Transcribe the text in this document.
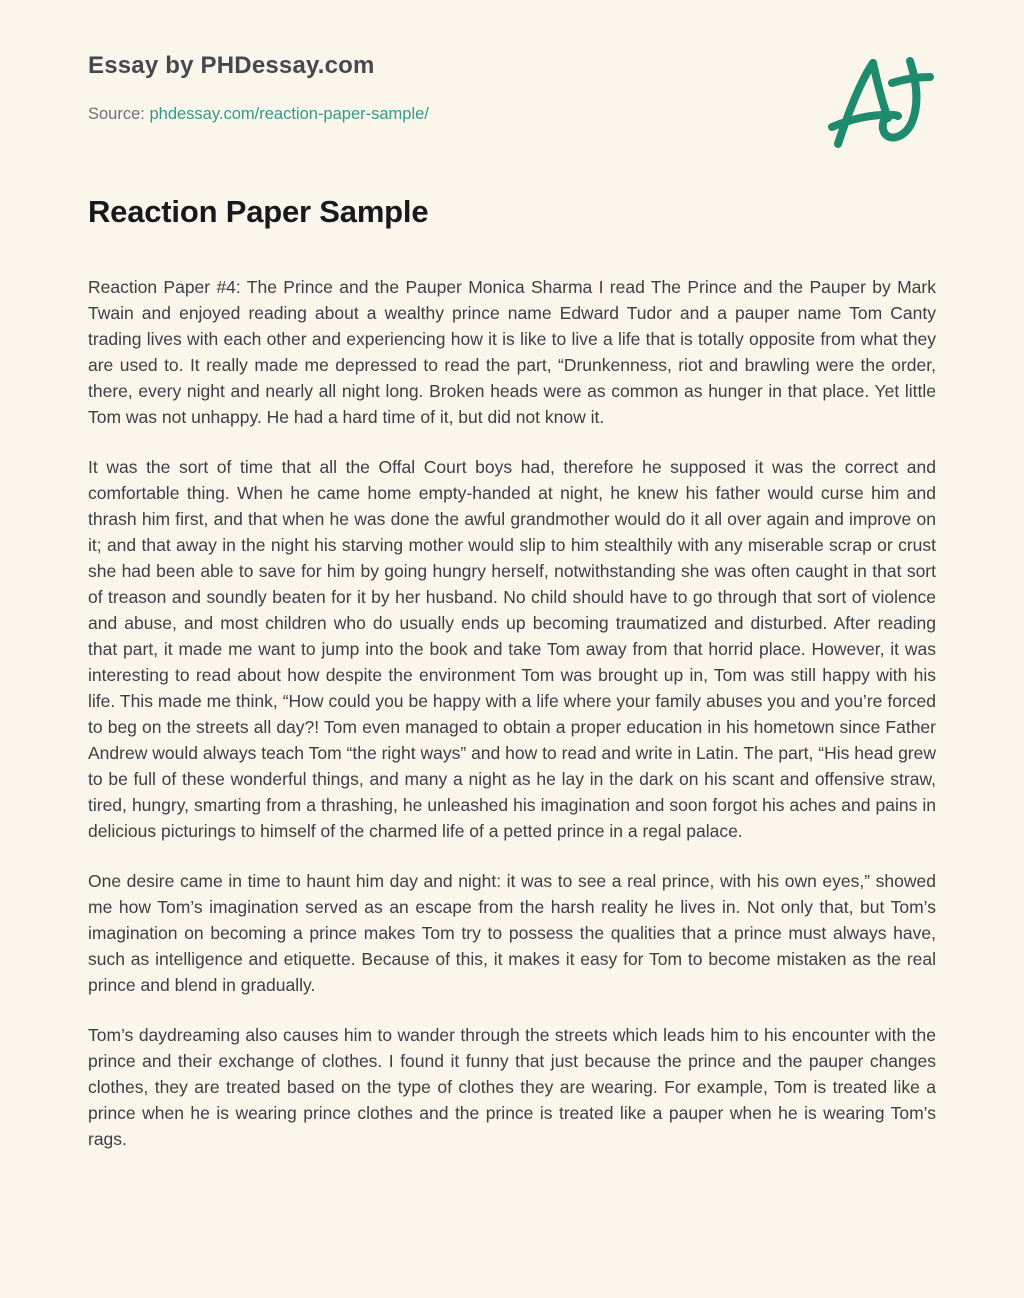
Essay by PHDessay.com

Source: phdessay.com/reaction-paper-sample/

Reaction Paper Sample

Reaction Paper #4: The Prince and the Pauper Monica Sharma I read The Prince and the Pauper by Mark Twain and enjoyed reading about a wealthy prince name Edward Tudor and a pauper name Tom Canty trading lives with each other and experiencing how it is like to live a life that is totally opposite from what they are used to. It really made me depressed to read the part, “Drunkenness, riot and brawling were the order, there, every night and nearly all night long. Broken heads were as common as hunger in that place. Yet little Tom was not unhappy. He had a hard time of it, but did not know it.

It was the sort of time that all the Offal Court boys had, therefore he supposed it was the correct and comfortable thing. When he came home empty-handed at night, he knew his father would curse him and thrash him first, and that when he was done the awful grandmother would do it all over again and improve on it; and that away in the night his starving mother would slip to him stealthily with any miserable scrap or crust she had been able to save for him by going hungry herself, notwithstanding she was often caught in that sort of treason and soundly beaten for it by her husband. No child should have to go through that sort of violence and abuse, and most children who do usually ends up becoming traumatized and disturbed. After reading that part, it made me want to jump into the book and take Tom away from that horrid place. However, it was interesting to read about how despite the environment Tom was brought up in, Tom was still happy with his life. This made me think, “How could you be happy with a life where your family abuses you and you’re forced to beg on the streets all day?! Tom even managed to obtain a proper education in his hometown since Father Andrew would always teach Tom “the right ways” and how to read and write in Latin. The part, “His head grew to be full of these wonderful things, and many a night as he lay in the dark on his scant and offensive straw, tired, hungry, smarting from a thrashing, he unleashed his imagination and soon forgot his aches and pains in delicious picturings to himself of the charmed life of a petted prince in a regal palace.

One desire came in time to haunt him day and night: it was to see a real prince, with his own eyes,” showed me how Tom’s imagination served as an escape from the harsh reality he lives in. Not only that, but Tom’s imagination on becoming a prince makes Tom try to possess the qualities that a prince must always have, such as intelligence and etiquette. Because of this, it makes it easy for Tom to become mistaken as the real prince and blend in gradually.

Tom’s daydreaming also causes him to wander through the streets which leads him to his encounter with the prince and their exchange of clothes. I found it funny that just because the prince and the pauper changes clothes, they are treated based on the type of clothes they are wearing. For example, Tom is treated like a prince when he is wearing prince clothes and the prince is treated like a pauper when he is wearing Tom’s rags.
